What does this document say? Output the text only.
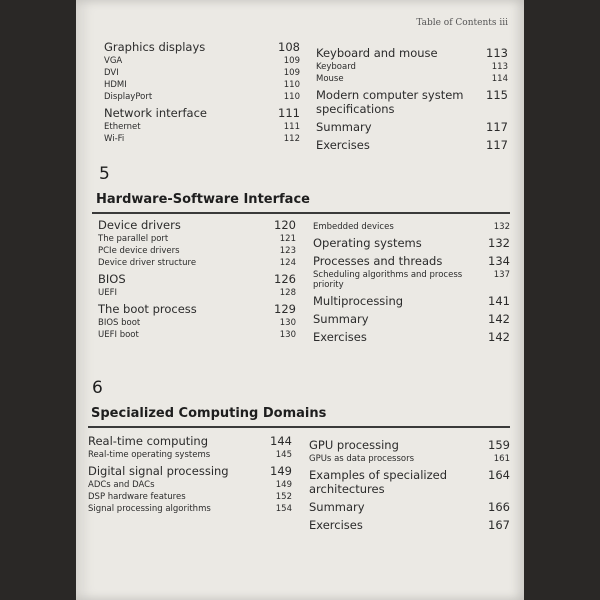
Table of Contents iii
Graphics displays	108
VGA	109
DVI	109
HDMI	110
DisplayPort	110
Network interface	111
Ethernet	111
Wi-Fi	112
Keyboard and mouse	113
Keyboard	113
Mouse	114
Modern computer system specifications
115
Summary	117
Exercises	117
5
Hardware-Software Interface
Device drivers	120
The parallel port	121
PCIe device drivers	123
Device driver structure	124
BIOS	126
UEFI	128
The boot process	129
BIOS boot	130
UEFI boot	130
Embedded devices	132
Operating systems	132
Processes and threads	134
Scheduling algorithms and process priority
137
Multiprocessing	141
Summary	142
Exercises	142
6
Specialized Computing Domains
Real-time computing	144
Real-time operating systems	145
Digital signal processing	149
ADCs and DACs	149
DSP hardware features	152
Signal processing algorithms	154
GPU processing	159
GPUs as data processors	161
Examples of specialized architectures
164
Summary	166
Exercises	167
